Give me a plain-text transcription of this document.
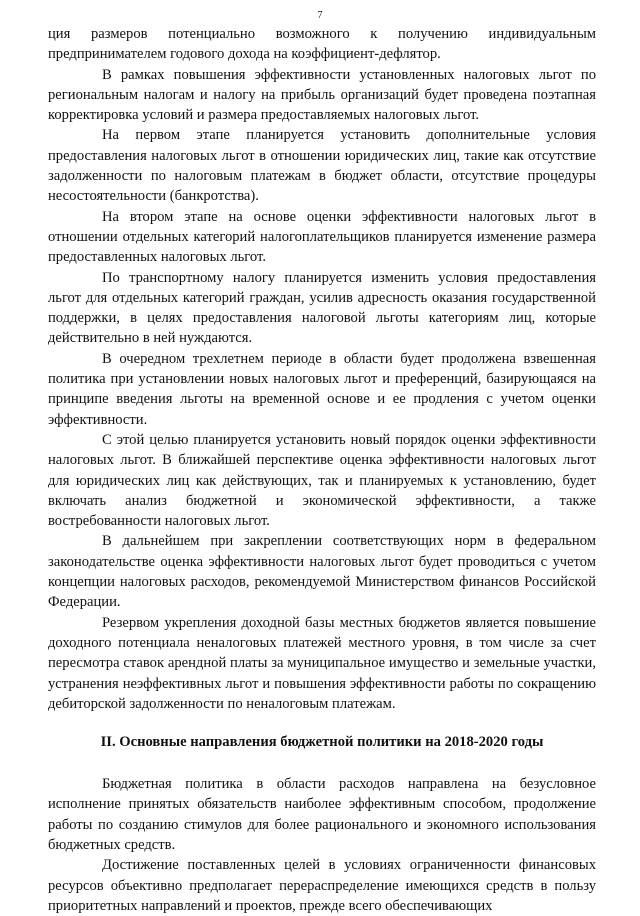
7

ция размеров потенциально возможного к получению индивидуальным предпринимателем годового дохода на коэффициент-дефлятор.

В рамках повышения эффективности установленных налоговых льгот по региональным налогам и налогу на прибыль организаций будет проведена поэтапная корректировка условий и размера предоставляемых налоговых льгот.

На первом этапе планируется установить дополнительные условия предоставления налоговых льгот в отношении юридических лиц, такие как отсутствие задолженности по налоговым платежам в бюджет области, отсутствие процедуры несостоятельности (банкротства).

На втором этапе на основе оценки эффективности налоговых льгот в отношении отдельных категорий налогоплательщиков планируется изменение размера предоставленных налоговых льгот.

По транспортному налогу планируется изменить условия предоставления льгот для отдельных категорий граждан, усилив адресность оказания государственной поддержки, в целях предоставления налоговой льготы категориям лиц, которые действительно в ней нуждаются.

В очередном трехлетнем периоде в области будет продолжена взвешенная политика при установлении новых налоговых льгот и преференций, базирующаяся на принципе введения льготы на временной основе и ее продления с учетом оценки эффективности.

С этой целью планируется установить новый порядок оценки эффективности налоговых льгот. В ближайшей перспективе оценка эффективности налоговых льгот для юридических лиц как действующих, так и планируемых к установлению, будет включать анализ бюджетной и экономической эффективности, а также востребованности налоговых льгот.

В дальнейшем при закреплении соответствующих норм в федеральном законодательстве оценка эффективности налоговых льгот будет проводиться с учетом концепции налоговых расходов, рекомендуемой Министерством финансов Российской Федерации.

Резервом укрепления доходной базы местных бюджетов является повышение доходного потенциала неналоговых платежей местного уровня, в том числе за счет пересмотра ставок арендной платы за муниципальное имущество и земельные участки, устранения неэффективных льгот и повышения эффективности работы по сокращению дебиторской задолженности по неналоговым платежам.

II. Основные направления бюджетной политики на 2018-2020 годы

Бюджетная политика в области расходов направлена на безусловное исполнение принятых обязательств наиболее эффективным способом, продолжение работы по созданию стимулов для более рационального и экономного использования бюджетных средств.

Достижение поставленных целей в условиях ограниченности финансовых ресурсов объективно предполагает перераспределение имеющихся средств в пользу приоритетных направлений и проектов, прежде всего обеспечивающих
